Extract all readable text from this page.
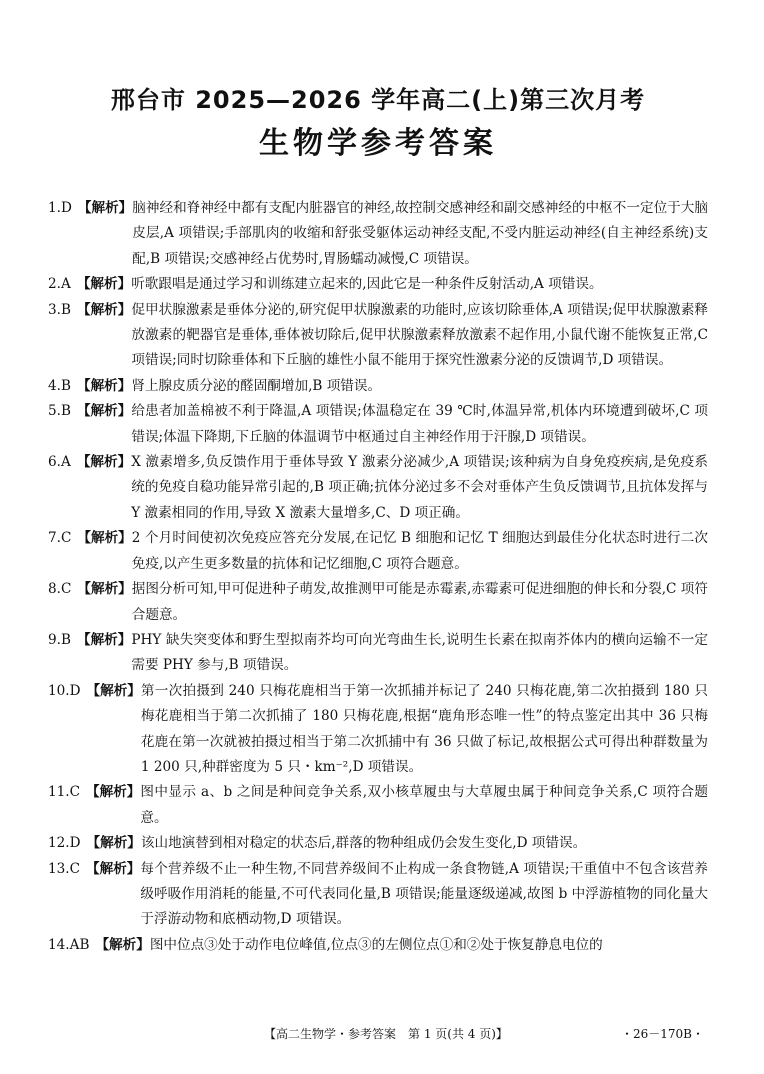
邢台市 2025—2026 学年高二(上)第三次月考
生物学参考答案
1.D 【解析】 脑神经和脊神经中都有支配内脏器官的神经,故控制交感神经和副交感神经的中枢不一定位于大脑皮层,A 项错误;手部肌肉的收缩和舒张受躯体运动神经支配,不受内脏运动神经(自主神经系统)支配,B 项错误;交感神经占优势时,胃肠蠕动减慢,C 项错误。
2.A 【解析】 听歌跟唱是通过学习和训练建立起来的,因此它是一种条件反射活动,A 项错误。
3.B 【解析】 促甲状腺激素是垂体分泌的,研究促甲状腺激素的功能时,应该切除垂体,A 项错误;促甲状腺激素释放激素的靶器官是垂体,垂体被切除后,促甲状腺激素释放激素不起作用,小鼠代谢不能恢复正常,C 项错误;同时切除垂体和下丘脑的雄性小鼠不能用于探究性激素分泌的反馈调节,D 项错误。
4.B 【解析】 肾上腺皮质分泌的醛固酮增加,B 项错误。
5.B 【解析】 给患者加盖棉被不利于降温,A 项错误;体温稳定在 39 ℃时,体温异常,机体内环境遭到破坏,C 项错误;体温下降期,下丘脑的体温调节中枢通过自主神经作用于汗腺,D 项错误。
6.A 【解析】 X 激素增多,负反馈作用于垂体导致 Y 激素分泌减少,A 项错误;该种病为自身免疫疾病,是免疫系统的免疫自稳功能异常引起的,B 项正确;抗体分泌过多不会对垂体产生负反馈调节,且抗体发挥与 Y 激素相同的作用,导致 X 激素大量增多,C、D 项正确。
7.C 【解析】 2 个月时间使初次免疫应答充分发展,在记忆 B 细胞和记忆 T 细胞达到最佳分化状态时进行二次免疫,以产生更多数量的抗体和记忆细胞,C 项符合题意。
8.C 【解析】 据图分析可知,甲可促进种子萌发,故推测甲可能是赤霉素,赤霉素可促进细胞的伸长和分裂,C 项符合题意。
9.B 【解析】 PHY 缺失突变体和野生型拟南芥均可向光弯曲生长,说明生长素在拟南芥体内的横向运输不一定需要 PHY 参与,B 项错误。
10.D 【解析】 第一次拍摄到 240 只梅花鹿相当于第一次抓捕并标记了 240 只梅花鹿,第二次拍摄到 180 只梅花鹿相当于第二次抓捕了 180 只梅花鹿,根据“鹿角形态唯一性”的特点鉴定出其中 36 只梅花鹿在第一次就被拍摄过相当于第二次抓捕中有 36 只做了标记,故根据公式可得出种群数量为 1 200 只,种群密度为 5 只・km⁻²,D 项错误。
11.C 【解析】 图中显示 a、b 之间是种间竞争关系,双小核草履虫与大草履虫属于种间竞争关系,C 项符合题意。
12.D 【解析】 该山地演替到相对稳定的状态后,群落的物种组成仍会发生变化,D 项错误。
13.C 【解析】 每个营养级不止一种生物,不同营养级间不止构成一条食物链,A 项错误;干重值中不包含该营养级呼吸作用消耗的能量,不可代表同化量,B 项错误;能量逐级递减,故图 b 中浮游植物的同化量大于浮游动物和底栖动物,D 项错误。
14.AB 【解析】 图中位点③处于动作电位峰值,位点③的左侧位点①和②处于恢复静息电位的
【高二生物学・参考答案　第 1 页(共 4 页)】	・26－170B・
